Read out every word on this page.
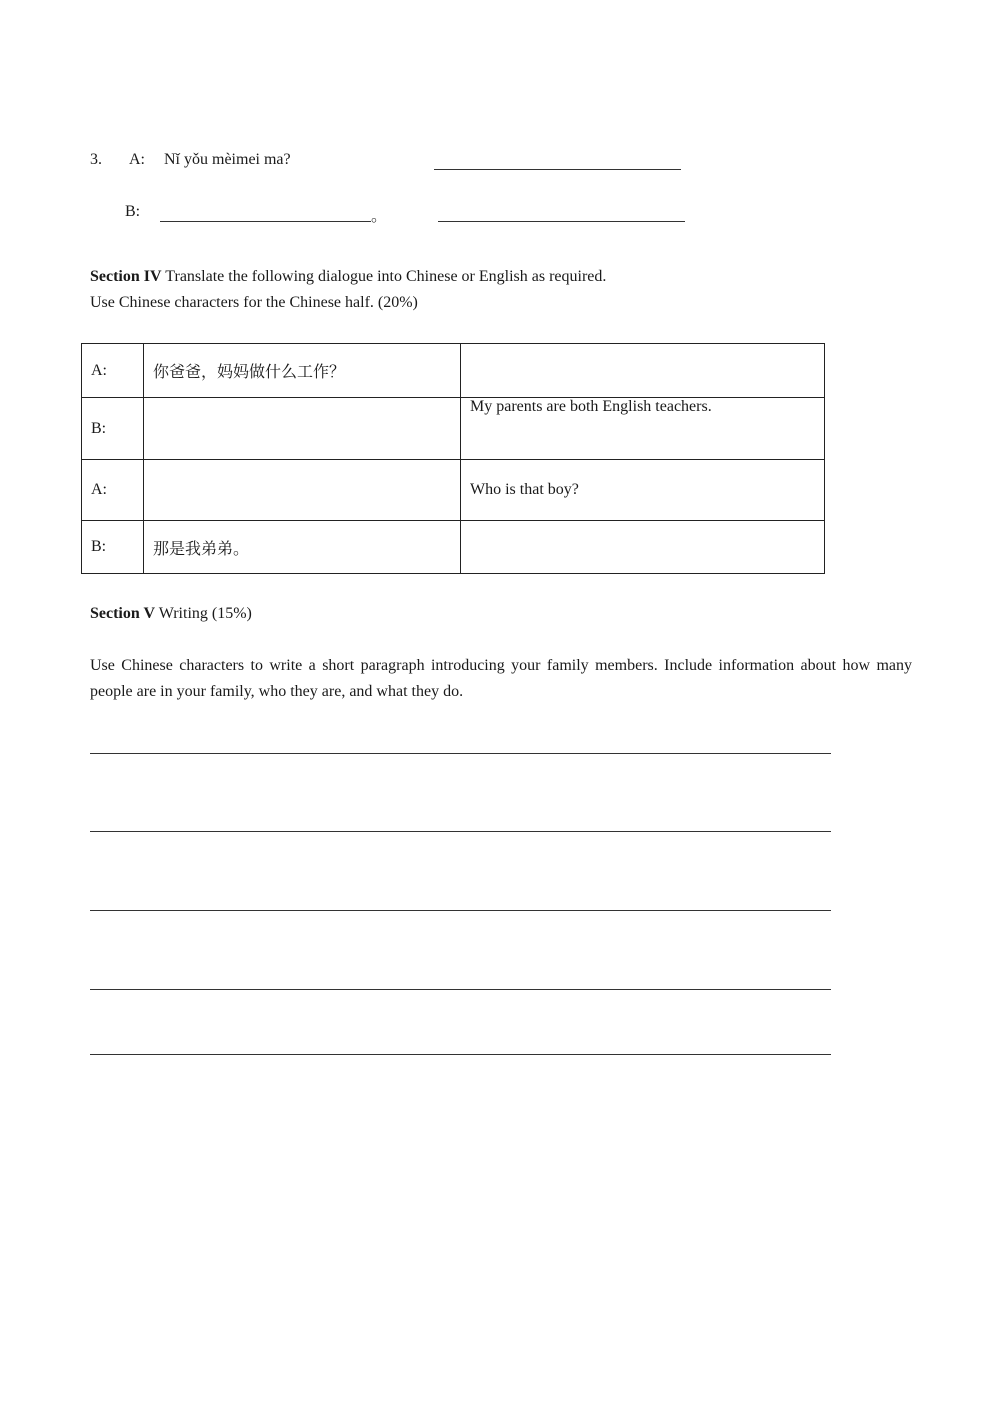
3. A: Nǐ yǒu mèimei ma?
B:	。
Section IV Translate the following dialogue into Chinese or English as required.
Use Chinese characters for the Chinese half. (20%)
A:	你爸爸，妈妈做什么工作？	
B:		My parents are both English teachers.
A:		Who is that boy?
B:	那是我弟弟。	
Section V Writing (15%)
Use Chinese characters to write a short paragraph introducing your family members. Include information about how many people are in your family, who they are, and what they do.
